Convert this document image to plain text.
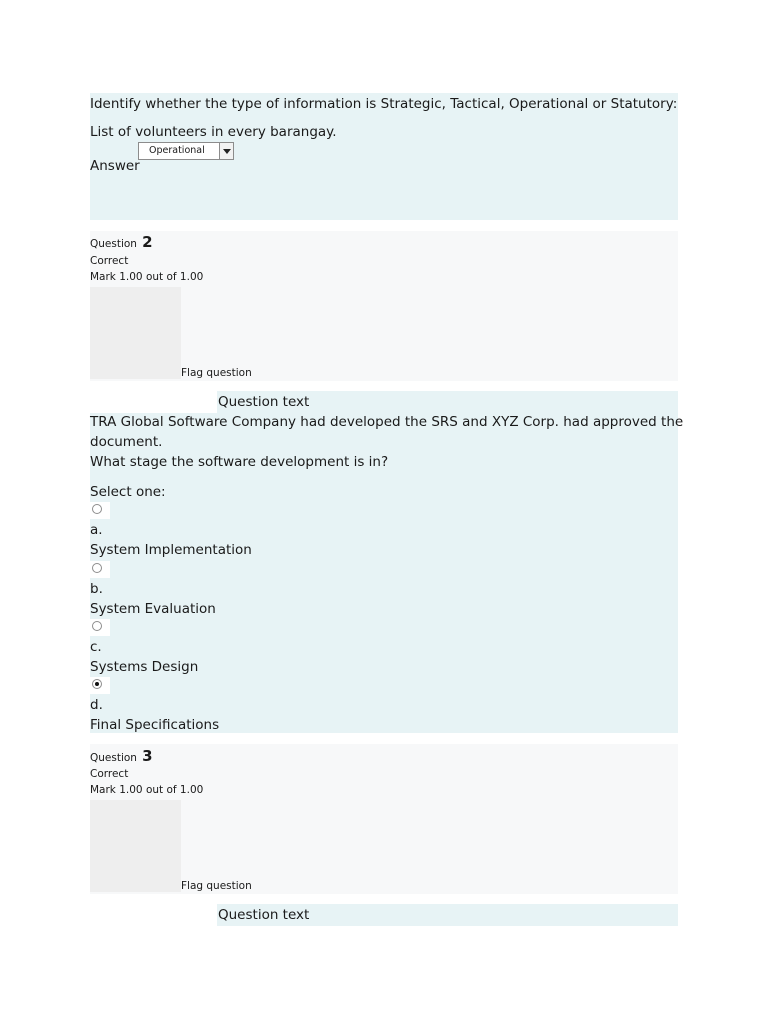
Identify whether the type of information is Strategic, Tactical, Operational or Statutory:
List of volunteers in every barangay.
Operational
Answer
Question 2
Correct
Mark 1.00 out of 1.00
Flag question
Question text
TRA Global Software Company had developed the SRS and XYZ Corp. had approved the
document.
What stage the software development is in?
Select one:
a.
System Implementation
b.
System Evaluation
c.
Systems Design
d.
Final Specifications
Question 3
Correct
Mark 1.00 out of 1.00
Flag question
Question text
